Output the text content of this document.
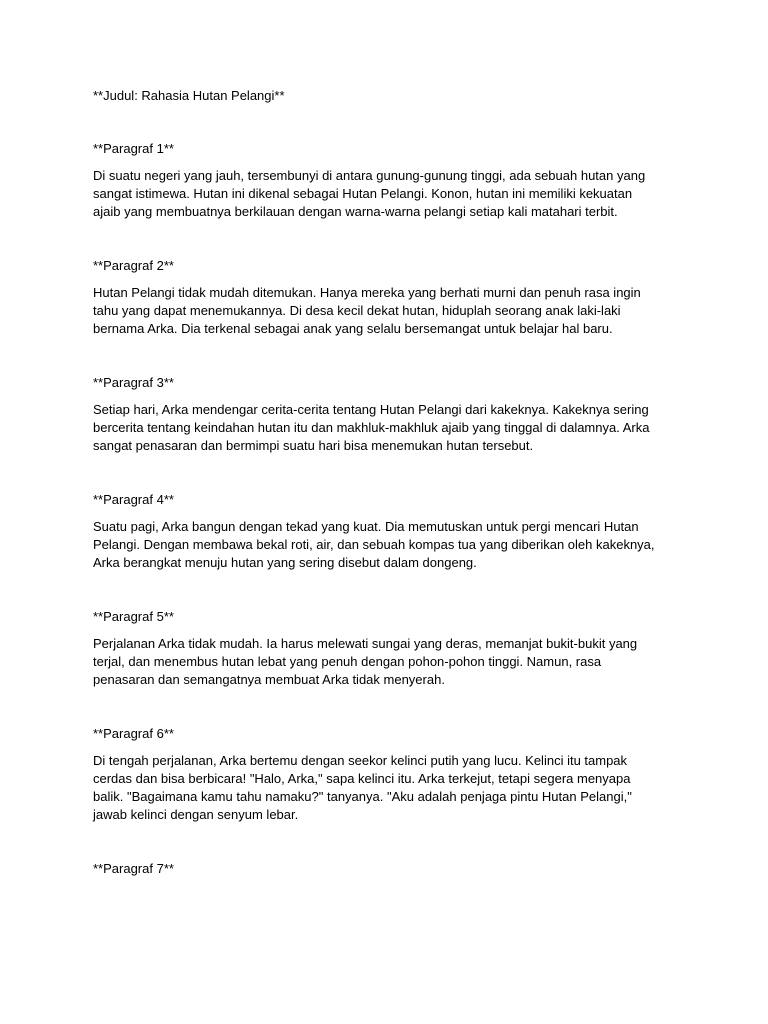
**Judul: Rahasia Hutan Pelangi**

**Paragraf 1**

Di suatu negeri yang jauh, tersembunyi di antara gunung-gunung tinggi, ada sebuah hutan yang

sangat istimewa. Hutan ini dikenal sebagai Hutan Pelangi. Konon, hutan ini memiliki kekuatan

ajaib yang membuatnya berkilauan dengan warna-warna pelangi setiap kali matahari terbit.

**Paragraf 2**

Hutan Pelangi tidak mudah ditemukan. Hanya mereka yang berhati murni dan penuh rasa ingin

tahu yang dapat menemukannya. Di desa kecil dekat hutan, hiduplah seorang anak laki-laki

bernama Arka. Dia terkenal sebagai anak yang selalu bersemangat untuk belajar hal baru.

**Paragraf 3**

Setiap hari, Arka mendengar cerita-cerita tentang Hutan Pelangi dari kakeknya. Kakeknya sering

bercerita tentang keindahan hutan itu dan makhluk-makhluk ajaib yang tinggal di dalamnya. Arka

sangat penasaran dan bermimpi suatu hari bisa menemukan hutan tersebut.

**Paragraf 4**

Suatu pagi, Arka bangun dengan tekad yang kuat. Dia memutuskan untuk pergi mencari Hutan

Pelangi. Dengan membawa bekal roti, air, dan sebuah kompas tua yang diberikan oleh kakeknya,

Arka berangkat menuju hutan yang sering disebut dalam dongeng.

**Paragraf 5**

Perjalanan Arka tidak mudah. Ia harus melewati sungai yang deras, memanjat bukit-bukit yang

terjal, dan menembus hutan lebat yang penuh dengan pohon-pohon tinggi. Namun, rasa

penasaran dan semangatnya membuat Arka tidak menyerah.

**Paragraf 6**

Di tengah perjalanan, Arka bertemu dengan seekor kelinci putih yang lucu. Kelinci itu tampak

cerdas dan bisa berbicara! "Halo, Arka," sapa kelinci itu. Arka terkejut, tetapi segera menyapa

balik. "Bagaimana kamu tahu namaku?" tanyanya. "Aku adalah penjaga pintu Hutan Pelangi,"

jawab kelinci dengan senyum lebar.

**Paragraf 7**
